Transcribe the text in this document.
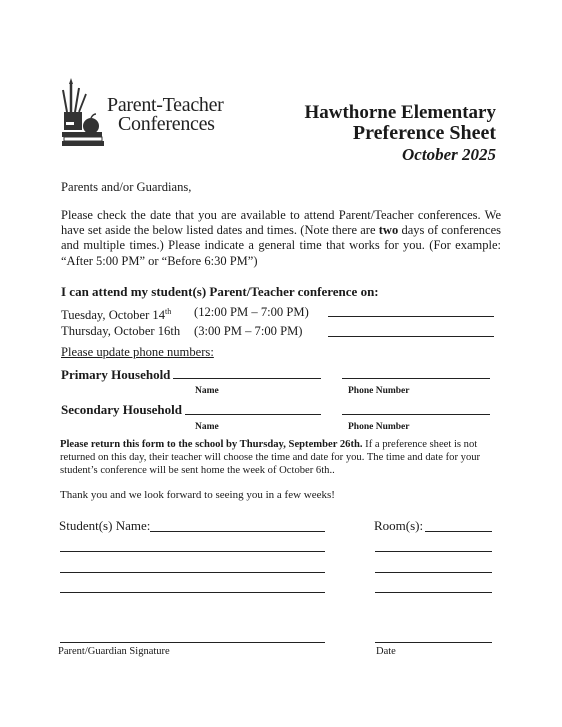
Parent-Teacher
Conferences
Hawthorne Elementary
Preference Sheet
October 2025
Parents and/or Guardians,
Please check the date that you are available to attend Parent/Teacher conferences. We have set aside the below listed dates and times. (Note there are two days of conferences and multiple times.) Please indicate a general time that works for you. (For example: “After 5:00 PM” or “Before 6:30 PM”)
I can attend my student(s) Parent/Teacher conference on:
Tuesday, October 14th (12:00 PM – 7:00 PM)
Thursday, October 16th (3:00 PM – 7:00 PM)
Please update phone numbers:
Primary Household
Name	Phone Number
Secondary Household
Name	Phone Number
Please return this form to the school by Thursday, September 26th. If a preference sheet is not returned on this day, their teacher will choose the time and date for you. The time and date for your student’s conference will be sent home the week of October 6th..
Thank you and we look forward to seeing you in a few weeks!
Student(s) Name:	Room(s):
Parent/Guardian Signature	Date
